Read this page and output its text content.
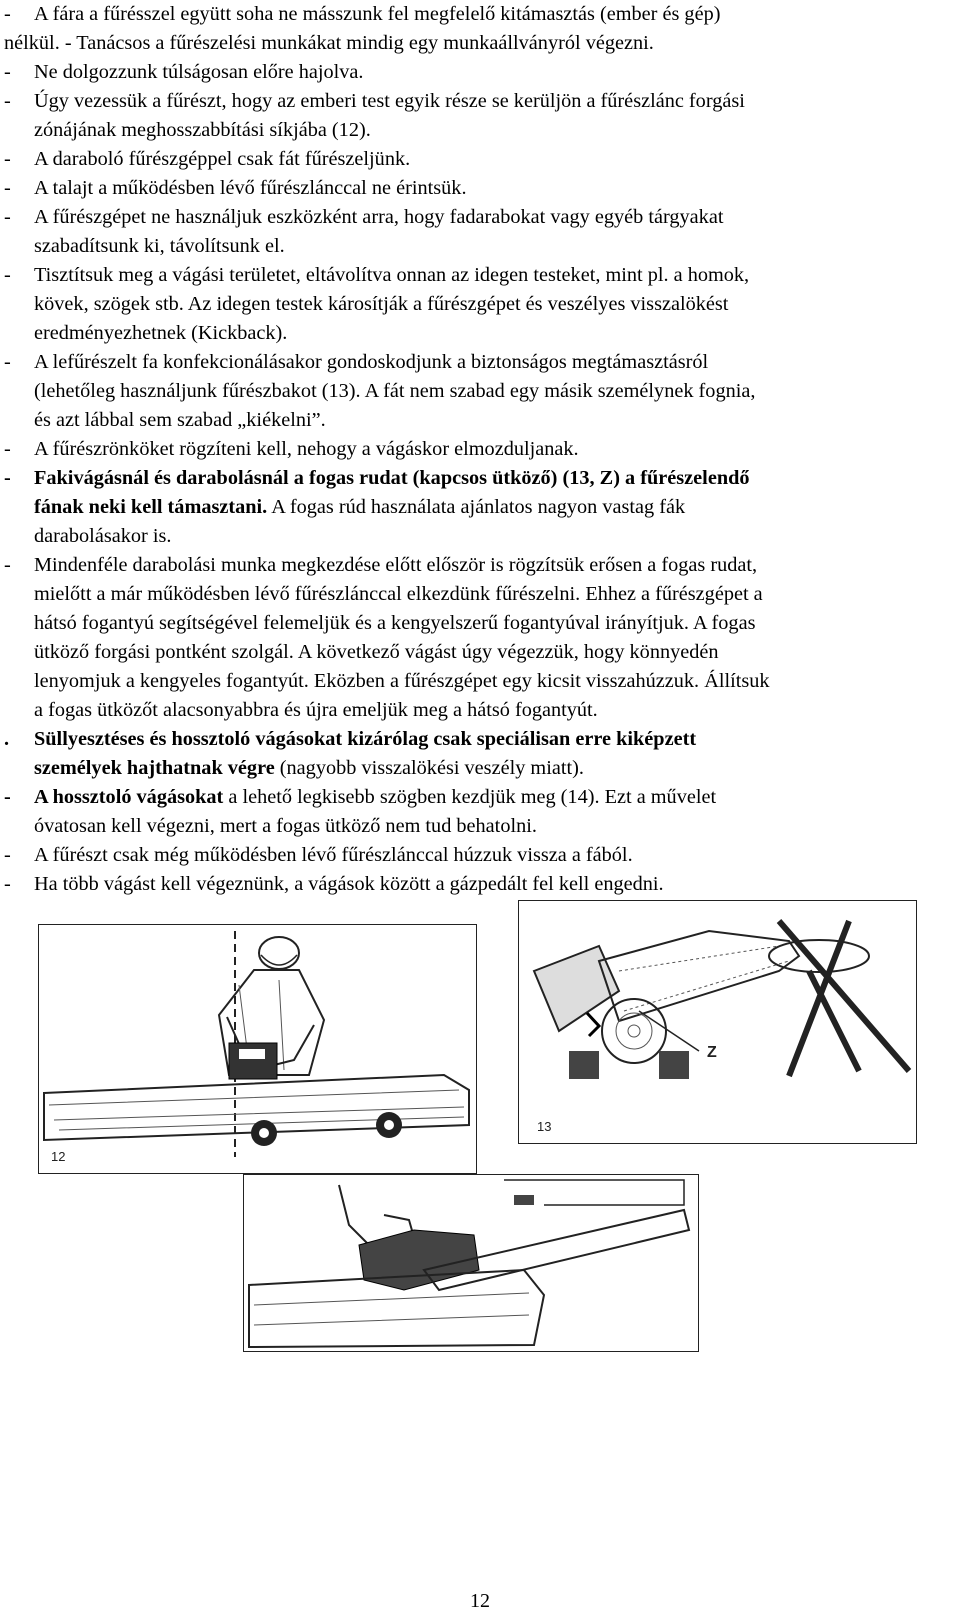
- A fára a fűrésszel együtt soha ne másszunk fel megfelelő kitámasztás (ember és gép)
nélkül. - Tanácsos a fűrészelési munkákat mindig egy munkaállványról végezni.
- Ne dolgozzunk túlságosan előre hajolva.
- Úgy vezessük a fűrészt, hogy az emberi test egyik része se kerüljön a fűrészlánc forgási
zónájának meghosszabbítási síkjába (12).
- A daraboló fűrészgéppel csak fát fűrészeljünk.
- A talajt a működésben lévő fűrészlánccal ne érintsük.
- A fűrészgépet ne használjuk eszközként arra, hogy fadarabokat vagy egyéb tárgyakat
szabadítsunk ki, távolítsunk el.
- Tisztítsuk meg a vágási területet, eltávolítva onnan az idegen testeket, mint pl. a homok,
kövek, szögek stb. Az idegen testek károsítják a fűrészgépet és veszélyes visszalökést
eredményezhetnek (Kickback).
- A lefűrészelt fa konfekcionálásakor gondoskodjunk a biztonságos megtámasztásról
(lehetőleg használjunk fűrészbakot (13). A fát nem szabad egy másik személynek fognia,
és azt lábbal sem szabad „kiékelni”.
- A fűrészrönköket rögzíteni kell, nehogy a vágáskor elmozduljanak.
- Fakivágásnál és darabolásnál a fogas rudat (kapcsos ütköző) (13, Z) a fűrészelendő
fának neki kell támasztani. A fogas rúd használata ajánlatos nagyon vastag fák
darabolásakor is.
- Mindenféle darabolási munka megkezdése előtt először is rögzítsük erősen a fogas rudat,
mielőtt a már működésben lévő fűrészlánccal elkezdünk fűrészelni. Ehhez a fűrészgépet a
hátsó fogantyú segítségével felemeljük és a kengyelszerű fogantyúval irányítjuk. A fogas
ütköző forgási pontként szolgál. A következő vágást úgy végezzük, hogy könnyedén
lenyomjuk a kengyeles fogantyút. Eközben a fűrészgépet egy kicsit visszahúzzuk. Állítsuk
a fogas ütközőt alacsonyabbra és újra emeljük meg a hátsó fogantyút.
. Süllyesztéses és hossztoló vágásokat kizárólag csak speciálisan erre kiképzett
személyek hajthatnak végre (nagyobb visszalökési veszély miatt).
- A hossztoló vágásokat a lehető legkisebb szögben kezdjük meg (14). Ezt a művelet
óvatosan kell végezni, mert a fogas ütköző nem tud behatolni.
- A fűrészt csak még működésben lévő fűrészlánccal húzzuk vissza a fából.
- Ha több vágást kell végeznünk, a vágások között a gázpedált fel kell engedni.
12
Z
13
12
